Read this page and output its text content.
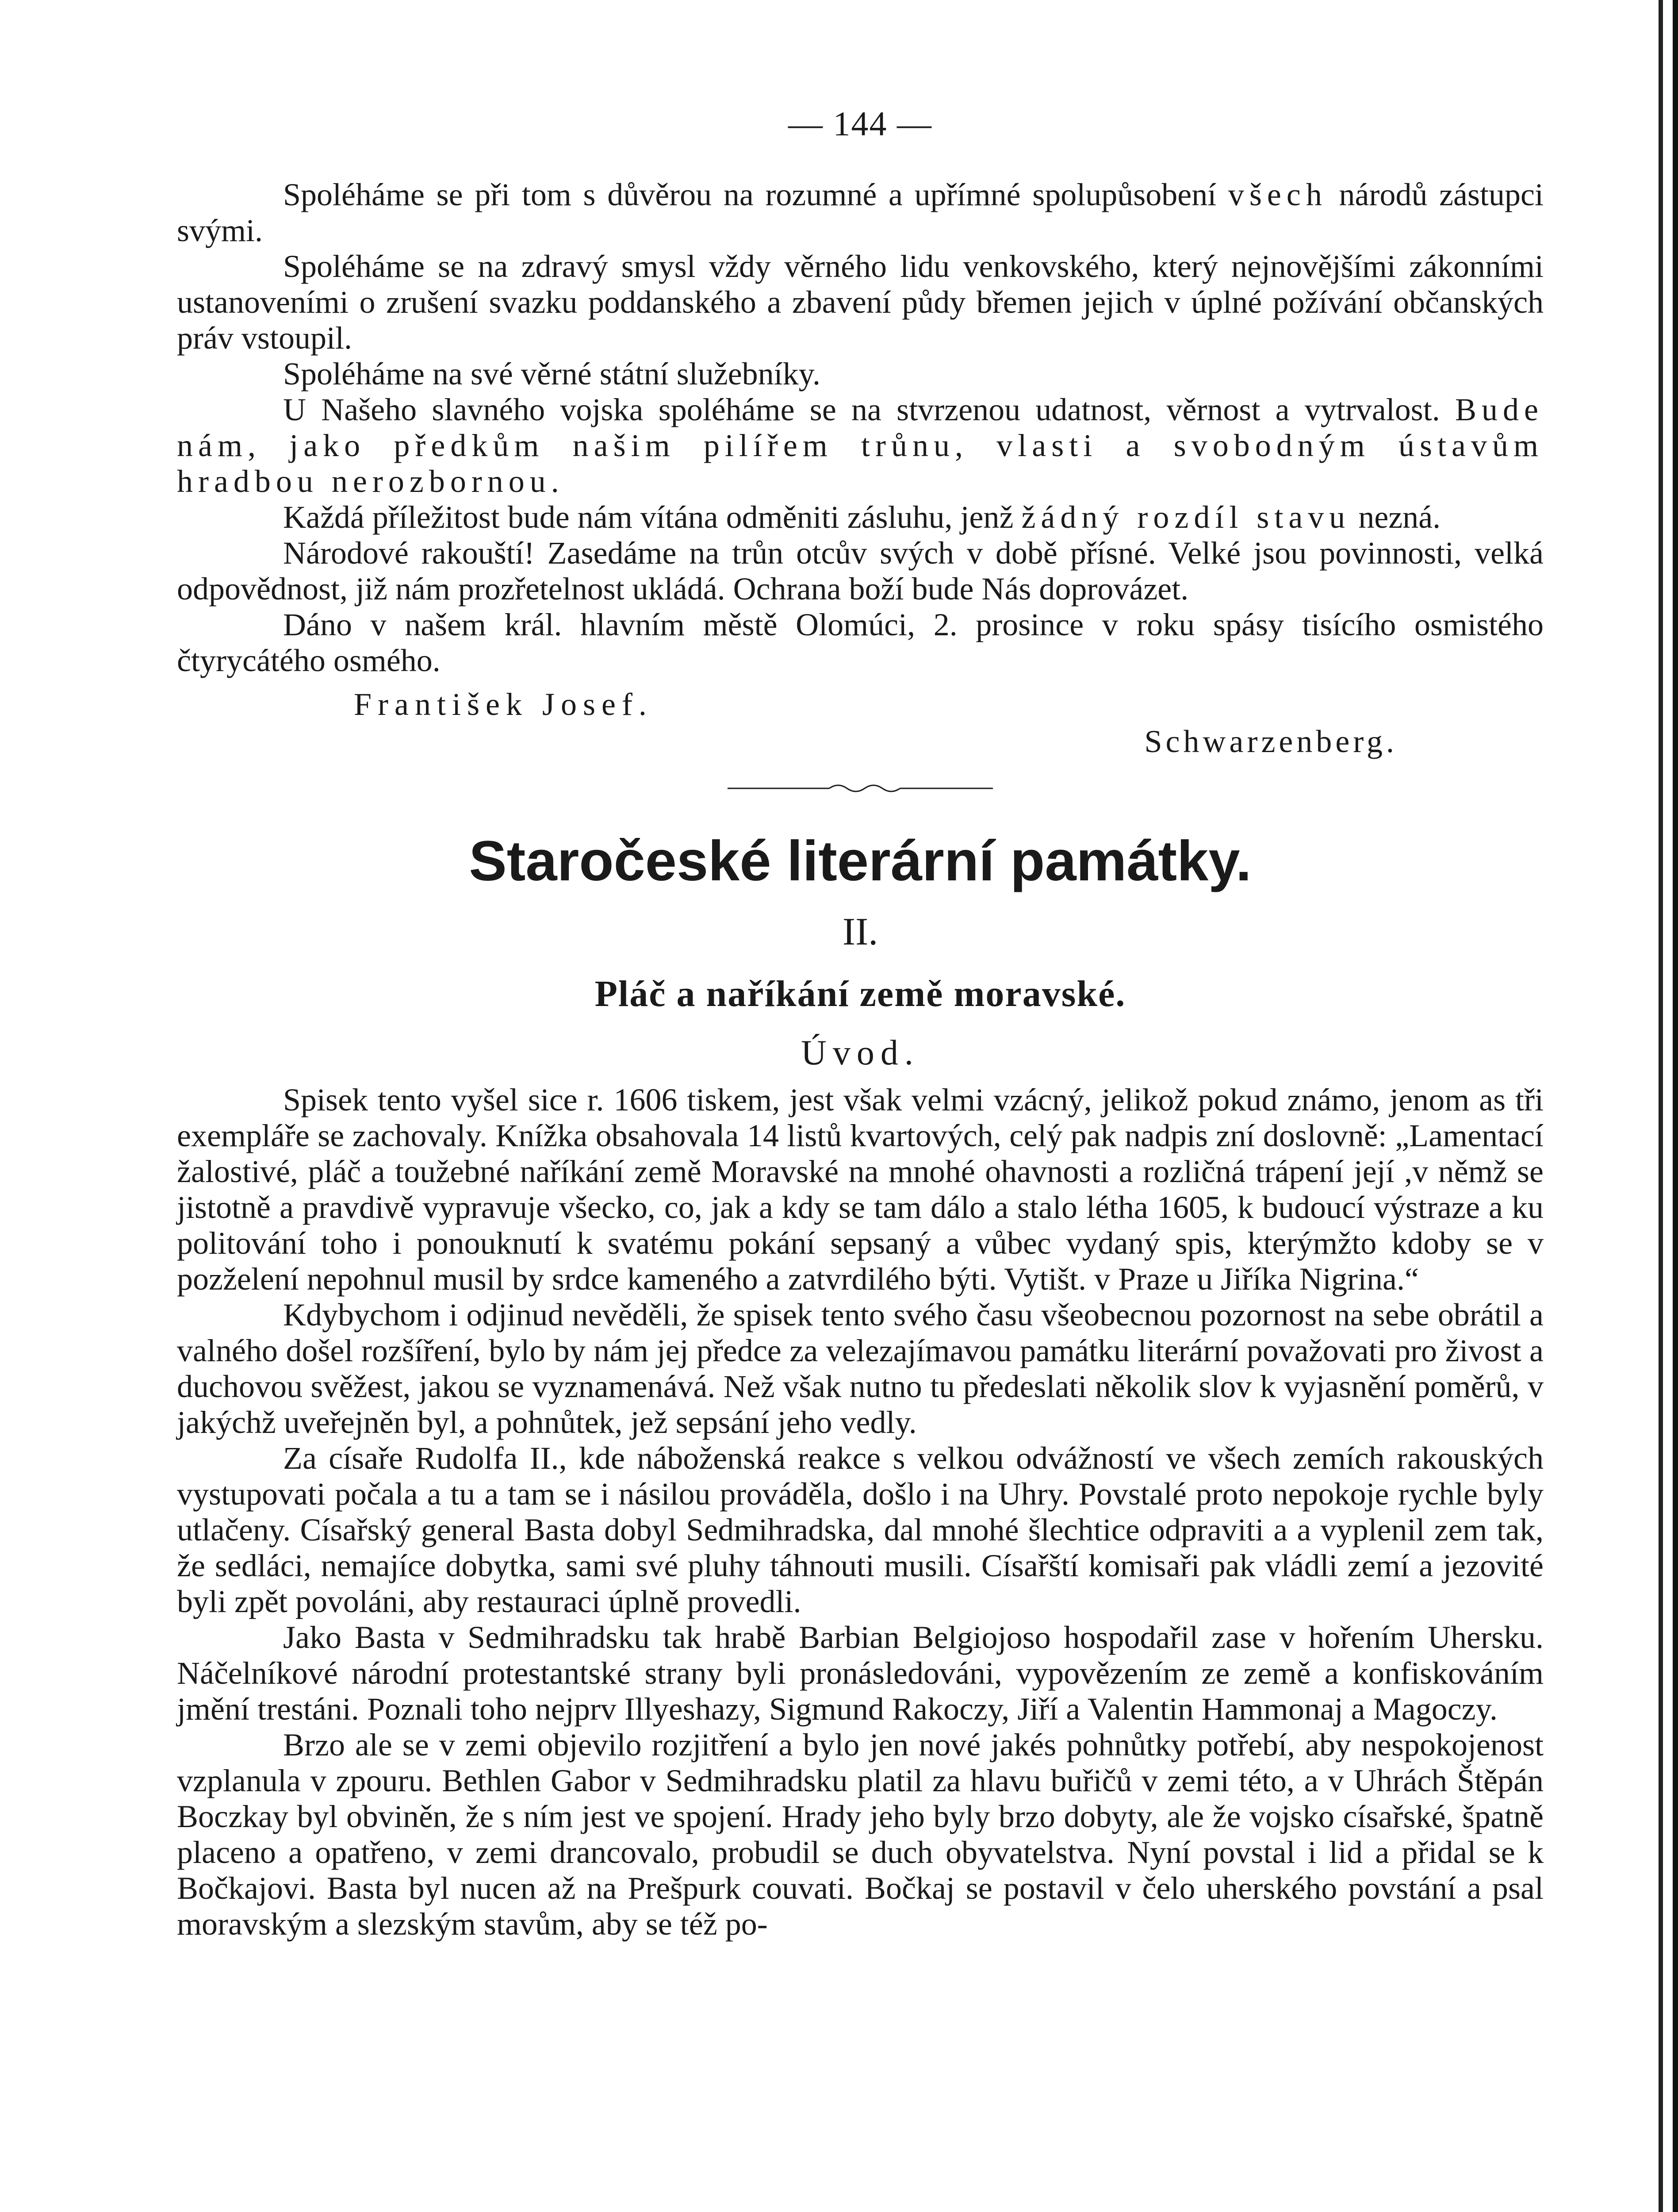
— 144 —

Spoléháme se při tom s důvěrou na rozumné a upřímné spolupůsobení všech národů zástupci svými.

Spoléháme se na zdravý smysl vždy věrného lidu venkovského, který nejnovějšími zákonními ustanoveními o zrušení svazku poddanského a zbavení půdy břemen jejich v úplné požívání občanských práv vstoupil.

Spoléháme na své věrné státní služebníky.

U Našeho slavného vojska spoléháme se na stvrzenou udatnost, věrnost a vytrvalost. Bude nám, jako předkům našim pilířem trůnu, vlasti a svobodným ústavům hradbou nerozbornou.

Každá příležitost bude nám vítána odměniti zásluhu, jenž žádný rozdíl stavu nezná.

Národové rakouští! Zasedáme na trůn otcův svých v době přísné. Velké jsou povinnosti, velká odpovědnost, již nám prozřetelnost ukládá. Ochrana boží bude Nás doprovázet.

Dáno v našem král. hlavním městě Olomúci, 2. prosince v roku spásy tisícího osmistého čtyrycátého osmého.

František Josef.
Schwarzenberg.
Staročeské literární památky.
II.
Pláč a naříkání země moravské.
Úvod.

Spisek tento vyšel sice r. 1606 tiskem, jest však velmi vzácný, jelikož pokud známo, jenom as tři exempláře se zachovaly. Knížka obsahovala 14 listů kvartových, celý pak nadpis zní doslovně: „Lamentací žalostivé, pláč a toužebné naříkání země Moravské na mnohé ohavnosti a rozličná trápení její ,v němž se jistotně a pravdivě vypravuje všecko, co, jak a kdy se tam dálo a stalo létha 1605, k budoucí výstraze a ku politování toho i ponouknutí k svatému pokání sepsaný a vůbec vydaný spis, kterýmžto kdoby se v pozželení nepohnul musil by srdce kameného a zatvrdilého býti. Vytišt. v Praze u Jiříka Nigrina.“

Kdybychom i odjinud nevěděli, že spisek tento svého času všeobecnou pozornost na sebe obrátil a valného došel rozšíření, bylo by nám jej předce za velezajímavou památku literární považovati pro živost a duchovou svěžest, jakou se vyznamenává. Než však nutno tu předeslati několik slov k vyjasnění poměrů, v jakýchž uveřejněn byl, a pohnůtek, jež sepsání jeho vedly.

Za císaře Rudolfa II., kde náboženská reakce s velkou odvážností ve všech zemích rakouských vystupovati počala a tu a tam se i násilou prováděla, došlo i na Uhry. Povstalé proto nepokoje rychle byly utlačeny. Císařský general Basta dobyl Sedmihradska, dal mnohé šlechtice odpraviti a a vyplenil zem tak, že sedláci, nemajíce dobytka, sami své pluhy táhnouti musili. Císařští komisaři pak vládli zemí a jezovité byli zpět povoláni, aby restauraci úplně provedli.

Jako Basta v Sedmihradsku tak hrabě Barbian Belgiojoso hospodařil zase v hořením Uhersku. Náčelníkové národní protestantské strany byli pronásledováni, vypovězením ze země a konfiskováním jmění trestáni. Poznali toho nejprv Illyeshazy, Sigmund Rakoczy, Jiří a Valentin Hammonaj a Magoczy.

Brzo ale se v zemi objevilo rozjitření a bylo jen nové jakés pohnůtky potřebí, aby nespokojenost vzplanula v zpouru. Bethlen Gabor v Sedmihradsku platil za hlavu buřičů v zemi této, a v Uhrách Štěpán Boczkay byl obviněn, že s ním jest ve spojení. Hrady jeho byly brzo dobyty, ale že vojsko císařské, špatně placeno a opatřeno, v zemi drancovalo, probudil se duch obyvatelstva. Nyní povstal i lid a přidal se k Bočkajovi. Basta byl nucen až na Prešpurk couvati. Bočkaj se postavil v čelo uherského povstání a psal moravským a slezským stavům, aby se též po-
